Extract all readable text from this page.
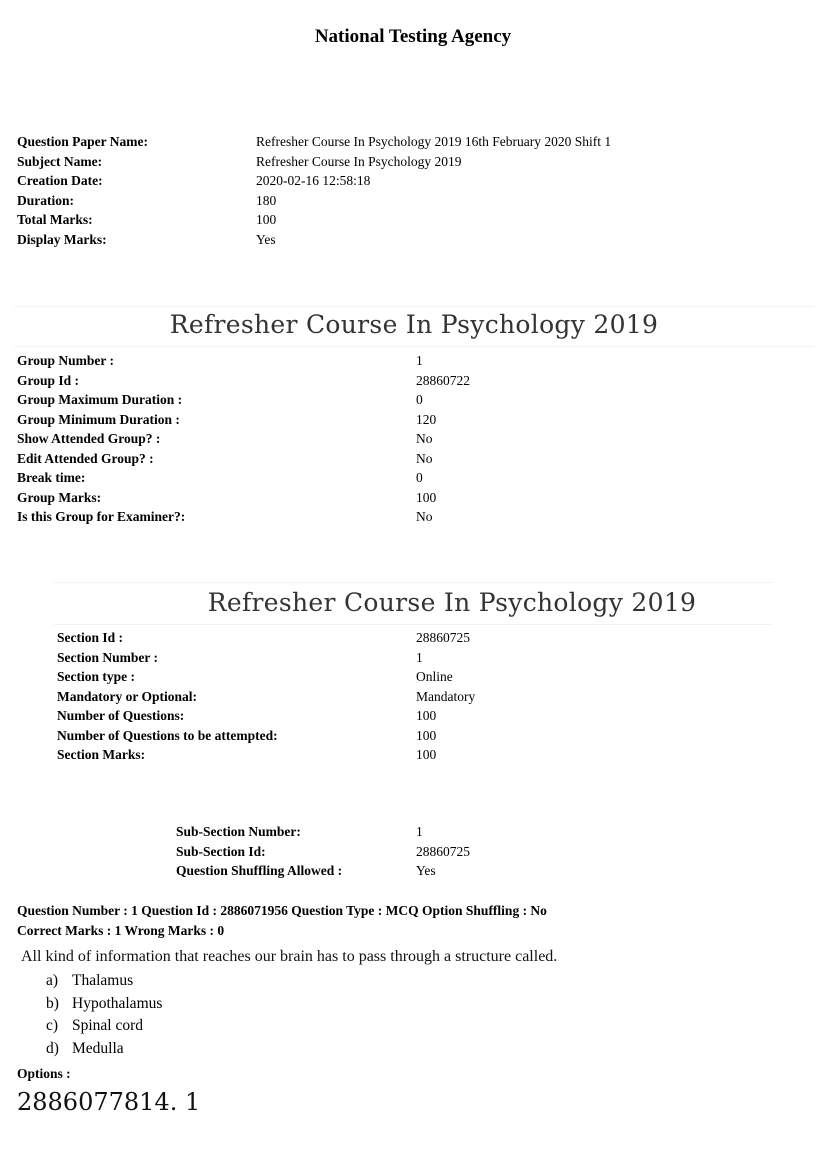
National Testing Agency
Question Paper Name:	Refresher Course In Psychology 2019 16th February 2020 Shift 1
Subject Name:	Refresher Course In Psychology 2019
Creation Date:	2020-02-16 12:58:18
Duration:	180
Total Marks:	100
Display Marks:	Yes
Refresher Course In Psychology 2019
Group Number :	1
Group Id :	28860722
Group Maximum Duration :	0
Group Minimum Duration :	120
Show Attended Group? :	No
Edit Attended Group? :	No
Break time:	0
Group Marks:	100
Is this Group for Examiner?:	No
Refresher Course In Psychology 2019
Section Id :	28860725
Section Number :	1
Section type :	Online
Mandatory or Optional:	Mandatory
Number of Questions:	100
Number of Questions to be attempted:	100
Section Marks:	100
Sub-Section Number:	1
Sub-Section Id:	28860725
Question Shuffling Allowed :	Yes
Question Number : 1 Question Id : 2886071956 Question Type : MCQ Option Shuffling : No
Correct Marks : 1 Wrong Marks : 0
All kind of information that reaches our brain has to pass through a structure called.
a) Thalamus
b) Hypothalamus
c) Spinal cord
d) Medulla
Options :
2886077814. 1
